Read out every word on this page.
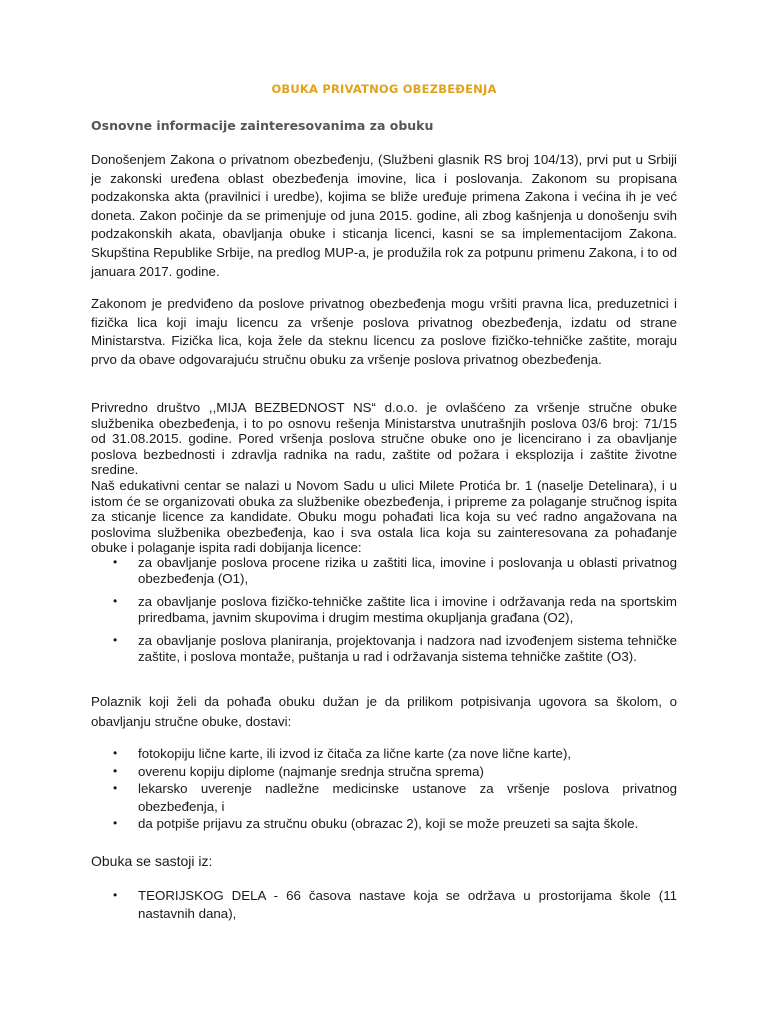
OBUKA PRIVATNOG OBEZBEĐENJA
Osnovne informacije zainteresovanima za obuku

Donošenjem Zakona o privatnom obezbeđenju, (Službeni glasnik RS broj 104/13), prvi put u Srbiji je zakonski uređena oblast obezbeđenja imovine, lica i poslovanja. Zakonom su propisana podzakonska akta (pravilnici i uredbe), kojima se bliže uređuje primena Zakona i većina ih je već doneta. Zakon počinje da se primenjuje od juna 2015. godine, ali zbog kašnjenja u donošenju svih podzakonskih akata, obavljanja obuke i sticanja licenci, kasni se sa implementacijom Zakona. Skupština Republike Srbije, na predlog MUP-a, je produžila rok za potpunu primenu Zakona, i to od januara 2017. godine.

Zakonom je predviđeno da poslove privatnog obezbeđenja mogu vršiti pravna lica, preduzetnici i fizička lica koji imaju licencu za vršenje poslova privatnog obezbeđenja, izdatu od strane Ministarstva. Fizička lica, koja žele da steknu licencu za poslove fizičko-tehničke zaštite, moraju prvo da obave odgovarajuću stručnu obuku za vršenje poslova privatnog obezbeđenja.

Privredno društvo ,,MIJA BEZBEDNOST NS“ d.o.o. je ovlašćeno za vršenje stručne obuke službenika obezbeđenja, i to po osnovu rešenja Ministarstva unutrašnjih poslova 03/6 broj: 71/15 od 31.08.2015. godine. Pored vršenja poslova stručne obuke ono je licencirano i za obavljanje poslova bezbednosti i zdravlja radnika na radu, zaštite od požara i eksplozija i zaštite životne sredine.

Naš edukativni centar se nalazi u Novom Sadu u ulici Milete Protića br. 1 (naselje Detelinara), i u istom će se organizovati obuka za službenike obezbeđenja, i pripreme za polaganje stručnog ispita za sticanje licence za kandidate. Obuku mogu pohađati lica koja su već radno angažovana na poslovima službenika obezbeđenja, kao i sva ostala lica koja su zainteresovana za pohađanje obuke i polaganje ispita radi dobijanja licence:

• za obavljanje poslova procene rizika u zaštiti lica, imovine i poslovanja u oblasti privatnog obezbeđenja (O1),
• za obavljanje poslova fizičko-tehničke zaštite lica i imovine i održavanja reda na sportskim priredbama, javnim skupovima i drugim mestima okupljanja građana (O2),
• za obavljanje poslova planiranja, projektovanja i nadzora nad izvođenjem sistema tehničke zaštite, i poslova montaže, puštanja u rad i održavanja sistema tehničke zaštite (O3).

Polaznik koji želi da pohađa obuku dužan je da prilikom potpisivanja ugovora sa školom, o obavljanju stručne obuke, dostavi:

• fotokopiju lične karte, ili izvod iz čitača za lične karte (za nove lične karte),
• overenu kopiju diplome (najmanje srednja stručna sprema)
• lekarsko uverenje nadležne medicinske ustanove za vršenje poslova privatnog obezbeđenja, i
• da potpiše prijavu za stručnu obuku (obrazac 2), koji se može preuzeti sa sajta škole.

Obuka se sastoji iz:

• TEORIJSKOG DELA - 66 časova nastave koja se održava u prostorijama škole (11 nastavnih dana),
